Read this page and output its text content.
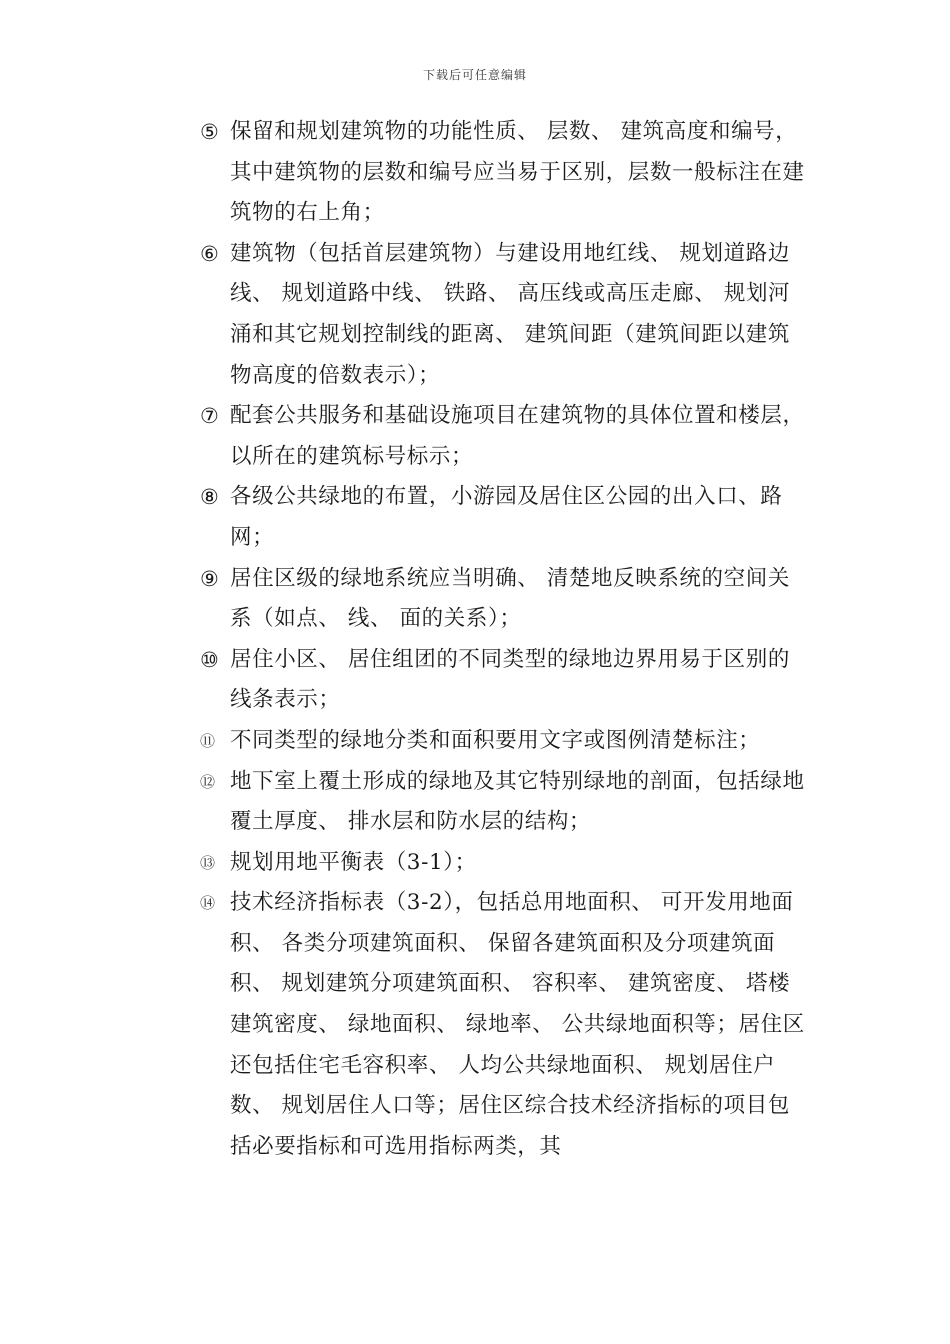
下载后可任意编辑
⑤ 保留和规划建筑物的功能性质、 层数、 建筑高度和编号，其中建筑物的层数和编号应当易于区别，层数一般标注在建筑物的右上角；
⑥ 建筑物（包括首层建筑物）与建设用地红线、 规划道路边线、 规划道路中线、 铁路、 高压线或高压走廊、 规划河涌和其它规划控制线的距离、 建筑间距（建筑间距以建筑物高度的倍数表示）；
⑦ 配套公共服务和基础设施项目在建筑物的具体位置和楼层，以所在的建筑标号标示；
⑧ 各级公共绿地的布置，小游园及居住区公园的出入口、路网；
⑨ 居住区级的绿地系统应当明确、 清楚地反映系统的空间关系（如点、 线、 面的关系）；
⑩ 居住小区、 居住组团的不同类型的绿地边界用易于区别的线条表示；
⑪ 不同类型的绿地分类和面积要用文字或图例清楚标注；
⑫ 地下室上覆土形成的绿地及其它特别绿地的剖面，包括绿地覆土厚度、 排水层和防水层的结构；
⑬ 规划用地平衡表（3-1）；
⑭ 技术经济指标表（3-2），包括总用地面积、 可开发用地面积、 各类分项建筑面积、 保留各建筑面积及分项建筑面积、 规划建筑分项建筑面积、 容积率、 建筑密度、 塔楼建筑密度、 绿地面积、 绿地率、 公共绿地面积等；居住区还包括住宅毛容积率、 人均公共绿地面积、 规划居住户数、 规划居住人口等；居住区综合技术经济指标的项目包括必要指标和可选用指标两类，其
